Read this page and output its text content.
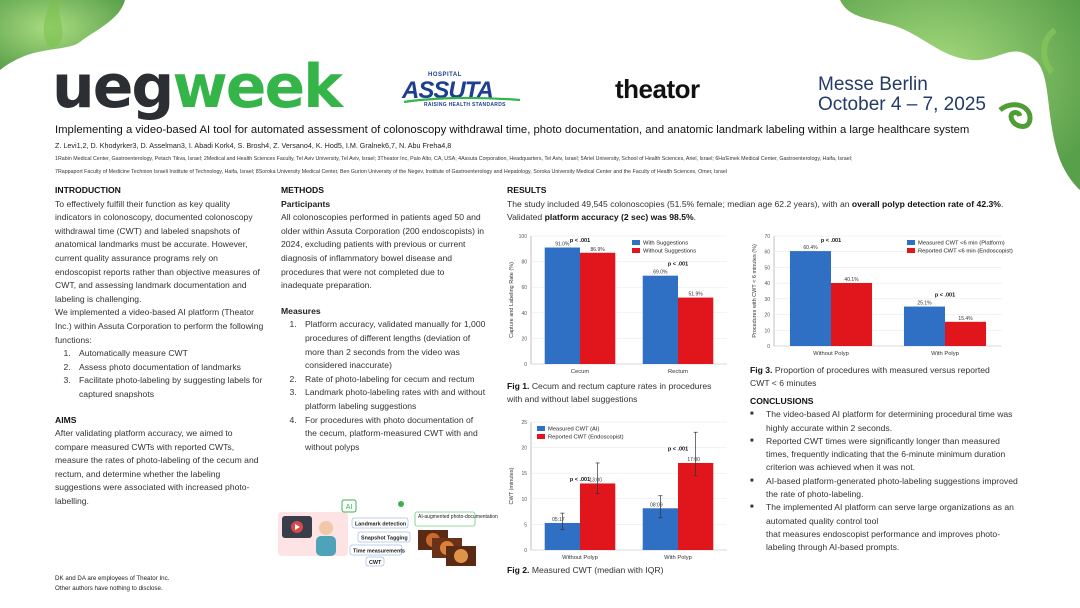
uegweek	HOSPITAL
ASSUTA
RAISING HEALTH STANDARDS
theator	Messe Berlin
October 4 – 7, 2025
Implementing a video-based AI tool for automated assessment of colonoscopy withdrawal time, photo documentation, and anatomic landmark labeling within a large healthcare system
Z. Levi1,2, D. Khodyrker3, D. Asselman3, I. Abadi Kork4, S. Brosh4, Z. Versano4, K. Hod5, I.M. Gralnek6,7, N. Abu Freha4,8
1Rabin Medical Center, Gastroenterology, Petach Tikva, Israel; 2Medical and Health Sciences Faculty, Tel Aviv University, Tel Aviv, Israel; 3Theator Inc, Palo Alto, CA, USA; 4Assuta Corporation, Headquarters, Tel Aviv, Israel; 5Ariel University, School of Health Sciences, Ariel, Israel; 6Ha'Emek Medical Center, Gastroenterology, Haifa, Israel;
7Rappaport Faculty of Medicine Technion Israeli Institute of Technology, Haifa, Israel; 8Soroka University Medical Center, Ben Gurion University of the Negev, Institute of Gastroenterology and Hepatology, Soroka University Medical Center and the Faculty of Health Sciences, Omer, Israel
INTRODUCTION

To effectively fulfill their function as key quality indicators in colonoscopy, documented colonoscopy withdrawal time (CWT) and labeled snapshots of anatomical landmarks must be accurate. However, current quality assurance programs rely on endoscopist reports rather than objective measures of CWT, and assessing landmark documentation and labeling is challenging.

We implemented a video-based AI platform (Theator Inc.) within Assuta Corporation to perform the following functions:

1. Automatically measure CWT
2. Assess photo documentation of landmarks
3. Facilitate photo-labeling by suggesting labels for captured snapshots
AIMS

After validating platform accuracy, we aimed to compare measured CWTs with reported CWTs, measure the rates of photo-labeling of the cecum and rectum, and determine whether the labeling suggestions were associated with increased photo-labelling.

DK and DA are employees of Theator Inc.
Other authors have nothing to disclose.
METHODS
Participants

All colonoscopies performed in patients aged 50 and older within Assuta Corporation (200 endoscopists) in 2024, excluding patients with previous or current diagnosis of inflammatory bowel disease and procedures that were not completed due to inadequate preparation.

Measures
1. Platform accuracy, validated manually for 1,000 procedures of different lengths (deviation of more than 2 seconds from the video was considered inaccurate)
2. Rate of photo-labeling for cecum and rectum
3. Landmark photo-labeling rates with and without platform labeling suggestions
4. For procedures with photo documentation of the cecum, platform-measured CWT with and without polyps
AI
Landmark detection
Snapshot Tagging
Time measurements
CWT
AI-augmented photo-documentation
RESULTS
The study included 49,545 colonoscopies (51.5% female; median age 62.2 years), with an overall polyp detection rate of 42.3%. Validated platform accuracy (2 sec) was 98.5%.
0
20
40
60
80
100
Capture and Labeling Rate (%)
Cecum
91.0%
86.9%
p < .001
Rectum
69.0%
51.9%
p < .001
With Suggestions
Without Suggestions
Fig 1. Cecum and rectum capture rates in procedures with and without label suggestions
0
5
10
15
20
25
CWT (minutes)
Without Polyp
05:17
13:00
p < .001
With Polyp
08:09
17:00
p < .001
Measured CWT (AI)
Reported CWT (Endoscopist)
Fig 2. Measured CWT (median with IQR)
0
10
20
30
40
50
60
70
Procedures with CWT < 6 minutes (%)
Without Polyp
60.4%
40.1%
p < .001
With Polyp
25.1%
15.4%
p < .001
Measured CWT <6 min (Platform)
Reported CWT <6 min (Endoscopist)
Fig 3. Proportion of procedures with measured versus reported CWT < 6 minutes
CONCLUSIONS
■ The video-based AI platform for determining procedural time was highly accurate within 2 seconds.
■ Reported CWT times were significantly longer than measured times, frequently indicating that the 6-minute minimum duration criterion was achieved when it was not.
■ AI-based platform-generated photo-labeling suggestions improved the rate of photo-labeling.
■ The implemented AI platform can serve large organizations as an automated quality control tool
that measures endoscopist performance and improves photo-labeling through AI-based prompts.
